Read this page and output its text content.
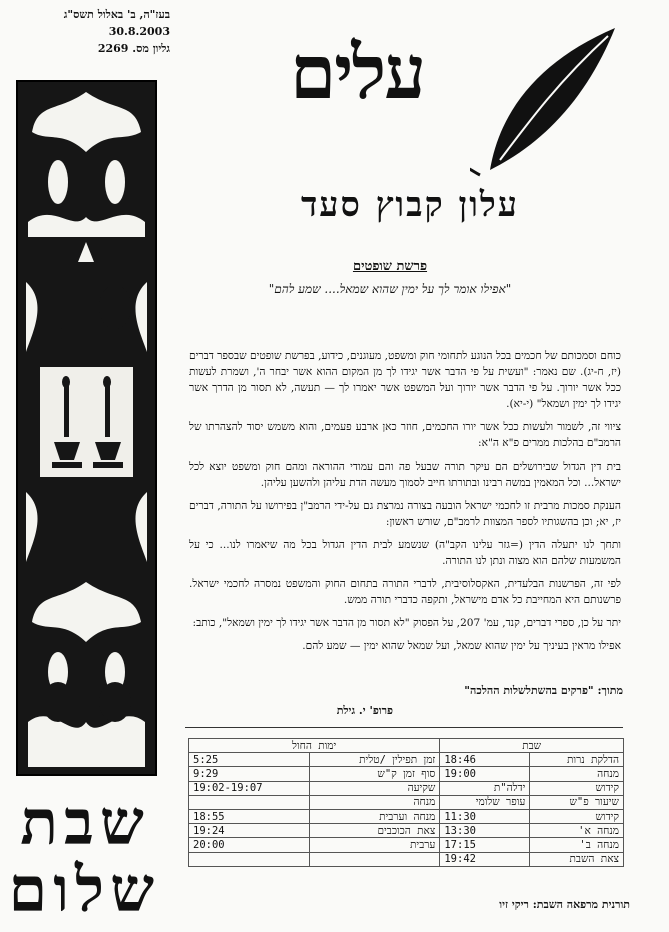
בעז"ה, ב' באלול תשס"ג
30.8.2003
גליון מס. 2269
שבת
שלום
עלים
עלון קבוץ סעד
פרשת שופטים
"אפילו אומר לך על ימין שהוא שמאל.... שמע להם"

כוחם וסמכותם של חכמים בכל הנוגע לתחומי חוק ומשפט, מעוגנים, כידוע, בפרשת שופטים שבספר דברים (יז, ח-יג). שם נאמר: "ועשית על פי הדבר אשר יגידו לך מן המקום ההוא אשר יבחר ה', ושמרת לעשות ככל אשר יורוך. על פי הדבר אשר יורוך ועל המשפט אשר יאמרו לך — תעשה, לא תסור מן הדרך אשר יגידו לך ימין ושמאל" (י-יא).

ציווי זה, לשמור ולעשות ככל אשר יורו החכמים, חוזר כאן ארבע פעמים, והוא משמש יסוד להצהרתו של הרמב"ם בהלכות ממרים פ"א ה"א:

בית דין הגדול שבירושלים הם עיקר תורה שבעל פה והם עמודי ההוראה ומהם חוק ומשפט יוצא לכל ישראל... וכל המאמין במשה רבינו ובתורתו חייב לסמוך מעשה הדת עליהן ולהשען עליהן.

הענקת סמכות מרבית זו לחכמי ישראל הובעה בצורה נמרצת גם על-ידי הרמב"ן בפירושו על התורה, דברים יז, יא; וכן בהשגותיו לספר המצוות לרמב"ם, שורש ראשון:

ותחך לנו יתעלה הדין (=גזר עלינו הקב"ה) שנשמע לבית הדין הגדול בכל מה שיאמרו לנו... כי על המשמעות שלהם הוא מצוה ונתן לנו התורה.

לפי זה, הפרשנות הבלעדית, האקסלוסיבית, לדברי התורה בתחום החוק והמשפט נמסרה לחכמי ישראל. פרשנותם היא המחייבת כל אדם מישראל, ותקפה כדברי תורה ממש.

יתר על כן, ספרי דברים, קנד, עמ' 207, על הפסוק "לא תסור מן הדבר אשר יגידו לך ימין ושמאל", כותב:

אפילו מראין בעיניך על ימין שהוא שמאל, ועל שמאל שהוא ימין — שמע להם.

מתוך: "פרקים בהשתלשלות ההלכה"
פרופ' י. גילת
שבת		ימות החול	
הדלקת נרות	18:46	זמן תפילין /טלית	5:25
מנחה	19:00	סוף זמן ק"ש	9:29
קידוש	ידלה"ת	שקיעה	19:02-19:07
שיעור פ"ש	עופר שלומי	מנחה	
קידוש	11:30	מנחה וערבית	18:55
מנחה א'	13:30	צאת הכוכבים	19:24
מנחה ב'	17:15	ערבית	20:00
צאת השבת	19:42		
תורנית מרפאה השבת: ריקי זיו
